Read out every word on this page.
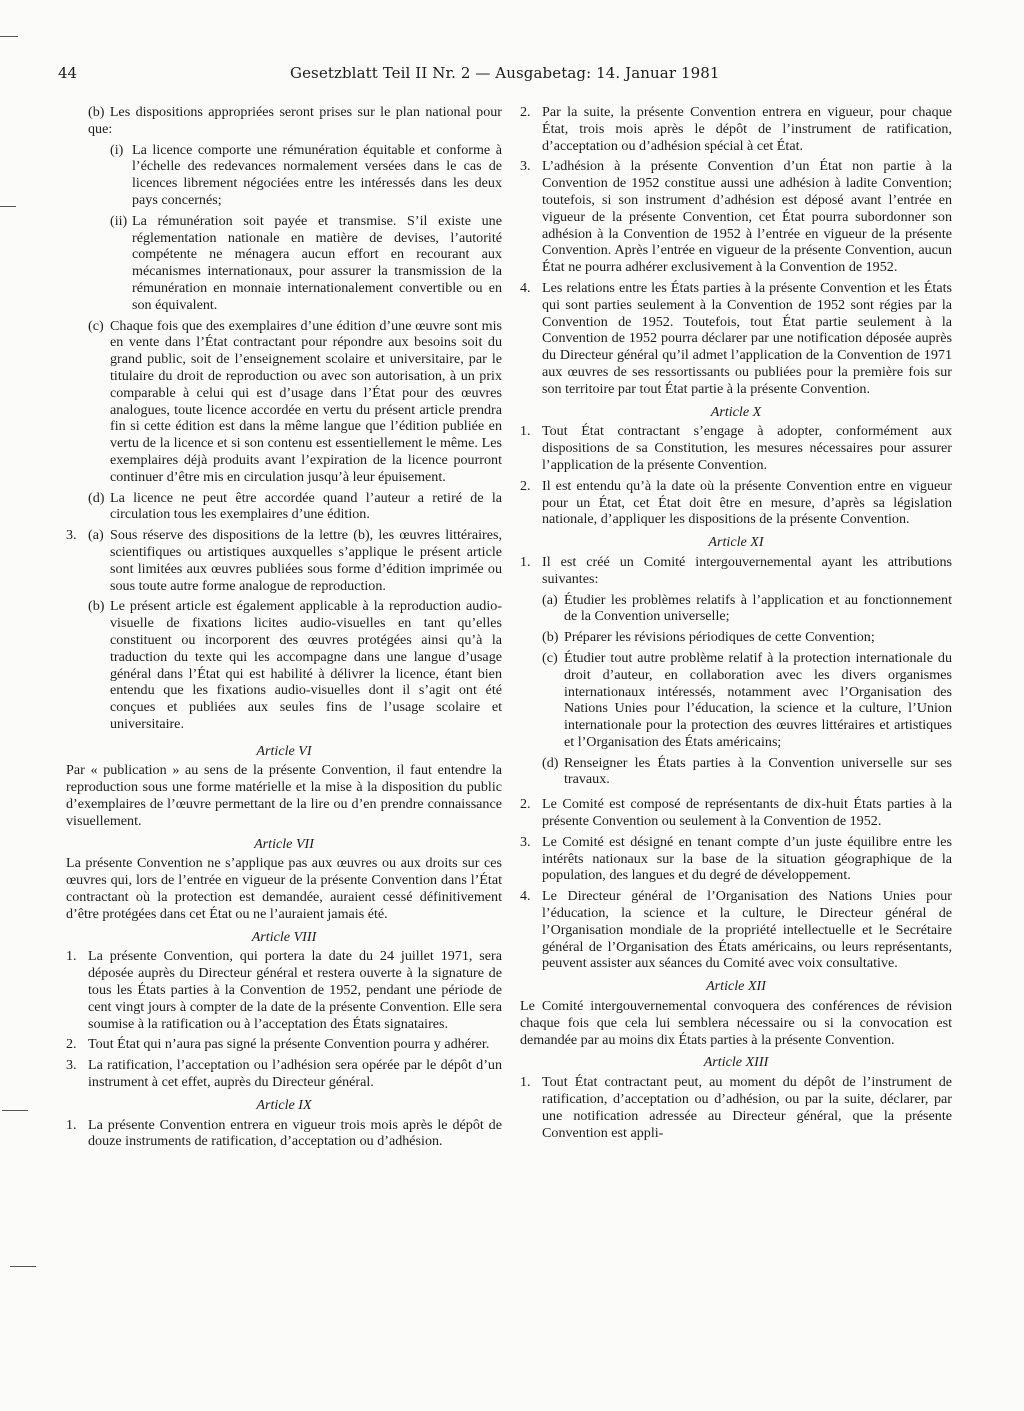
44	Gesetzblatt Teil II Nr. 2 — Ausgabetag: 14. Januar 1981
(b) Les dispositions appropriées seront prises sur le plan national pour que:
(i) La licence comporte une rémunération équitable et conforme à l’échelle des redevances normalement versées dans le cas de licences librement négociées entre les intéressés dans les deux pays concernés;
(ii) La rémunération soit payée et transmise. S’il existe une réglementation nationale en matière de devises, l’autorité compétente ne ménagera aucun effort en recourant aux mécanismes internationaux, pour assurer la transmission de la rémunération en monnaie internationalement convertible ou en son équivalent.
(c) Chaque fois que des exemplaires d’une édition d’une œuvre sont mis en vente dans l’État contractant pour répondre aux besoins soit du grand public, soit de l’enseignement scolaire et universitaire, par le titulaire du droit de reproduction ou avec son autorisation, à un prix comparable à celui qui est d’usage dans l’État pour des œuvres analogues, toute licence accordée en vertu du présent article prendra fin si cette édition est dans la même langue que l’édition publiée en vertu de la licence et si son contenu est essentiellement le même. Les exemplaires déjà produits avant l’expiration de la licence pourront continuer d’être mis en circulation jusqu’à leur épuisement.
(d) La licence ne peut être accordée quand l’auteur a retiré de la circulation tous les exemplaires d’une édition.
3. (a) Sous réserve des dispositions de la lettre (b), les œuvres littéraires, scientifiques ou artistiques auxquelles s’applique le présent article sont limitées aux œuvres publiées sous forme d’édition imprimée ou sous toute autre forme analogue de reproduction.
(b) Le présent article est également applicable à la reproduction audio-visuelle de fixations licites audio-visuelles en tant qu’elles constituent ou incorporent des œuvres protégées ainsi qu’à la traduction du texte qui les accompagne dans une langue d’usage général dans l’État qui est habilité à délivrer la licence, étant bien entendu que les fixations audio-visuelles dont il s’agit ont été conçues et publiées aux seules fins de l’usage scolaire et universitaire.
Article VI
Par « publication » au sens de la présente Convention, il faut entendre la reproduction sous une forme matérielle et la mise à la disposition du public d’exemplaires de l’œuvre permettant de la lire ou d’en prendre connaissance visuellement.
Article VII
La présente Convention ne s’applique pas aux œuvres ou aux droits sur ces œuvres qui, lors de l’entrée en vigueur de la présente Convention dans l’État contractant où la protection est demandée, auraient cessé définitivement d’être protégées dans cet État ou ne l’auraient jamais été.
Article VIII
1. La présente Convention, qui portera la date du 24 juillet 1971, sera déposée auprès du Directeur général et restera ouverte à la signature de tous les États parties à la Convention de 1952, pendant une période de cent vingt jours à compter de la date de la présente Convention. Elle sera soumise à la ratification ou à l’acceptation des États signataires.
2. Tout État qui n’aura pas signé la présente Convention pourra y adhérer.
3. La ratification, l’acceptation ou l’adhésion sera opérée par le dépôt d’un instrument à cet effet, auprès du Directeur général.
Article IX
1. La présente Convention entrera en vigueur trois mois après le dépôt de douze instruments de ratification, d’acceptation ou d’adhésion.
2. Par la suite, la présente Convention entrera en vigueur, pour chaque État, trois mois après le dépôt de l’instrument de ratification, d’acceptation ou d’adhésion spécial à cet État.
3. L’adhésion à la présente Convention d’un État non partie à la Convention de 1952 constitue aussi une adhésion à ladite Convention; toutefois, si son instrument d’adhésion est déposé avant l’entrée en vigueur de la présente Convention, cet État pourra subordonner son adhésion à la Convention de 1952 à l’entrée en vigueur de la présente Convention. Après l’entrée en vigueur de la présente Convention, aucun État ne pourra adhérer exclusivement à la Convention de 1952.
4. Les relations entre les États parties à la présente Convention et les États qui sont parties seulement à la Convention de 1952 sont régies par la Convention de 1952. Toutefois, tout État partie seulement à la Convention de 1952 pourra déclarer par une notification déposée auprès du Directeur général qu’il admet l’application de la Convention de 1971 aux œuvres de ses ressortissants ou publiées pour la première fois sur son territoire par tout État partie à la présente Convention.
Article X
1. Tout État contractant s’engage à adopter, conformément aux dispositions de sa Constitution, les mesures nécessaires pour assurer l’application de la présente Convention.
2. Il est entendu qu’à la date où la présente Convention entre en vigueur pour un État, cet État doit être en mesure, d’après sa législation nationale, d’appliquer les dispositions de la présente Convention.
Article XI
1. Il est créé un Comité intergouvernemental ayant les attributions suivantes:
(a) Étudier les problèmes relatifs à l’application et au fonctionnement de la Convention universelle;
(b) Préparer les révisions périodiques de cette Convention;
(c) Étudier tout autre problème relatif à la protection internationale du droit d’auteur, en collaboration avec les divers organismes internationaux intéressés, notamment avec l’Organisation des Nations Unies pour l’éducation, la science et la culture, l’Union internationale pour la protection des œuvres littéraires et artistiques et l’Organisation des États américains;
(d) Renseigner les États parties à la Convention universelle sur ses travaux.
2. Le Comité est composé de représentants de dix-huit États parties à la présente Convention ou seulement à la Convention de 1952.
3. Le Comité est désigné en tenant compte d’un juste équilibre entre les intérêts nationaux sur la base de la situation géographique de la population, des langues et du degré de développement.
4. Le Directeur général de l’Organisation des Nations Unies pour l’éducation, la science et la culture, le Directeur général de l’Organisation mondiale de la propriété intellectuelle et le Secrétaire général de l’Organisation des États américains, ou leurs représentants, peuvent assister aux séances du Comité avec voix consultative.
Article XII
Le Comité intergouvernemental convoquera des conférences de révision chaque fois que cela lui semblera nécessaire ou si la convocation est demandée par au moins dix États parties à la présente Convention.
Article XIII
1. Tout État contractant peut, au moment du dépôt de l’instrument de ratification, d’acceptation ou d’adhésion, ou par la suite, déclarer, par une notification adressée au Directeur général, que la présente Convention est appli-
